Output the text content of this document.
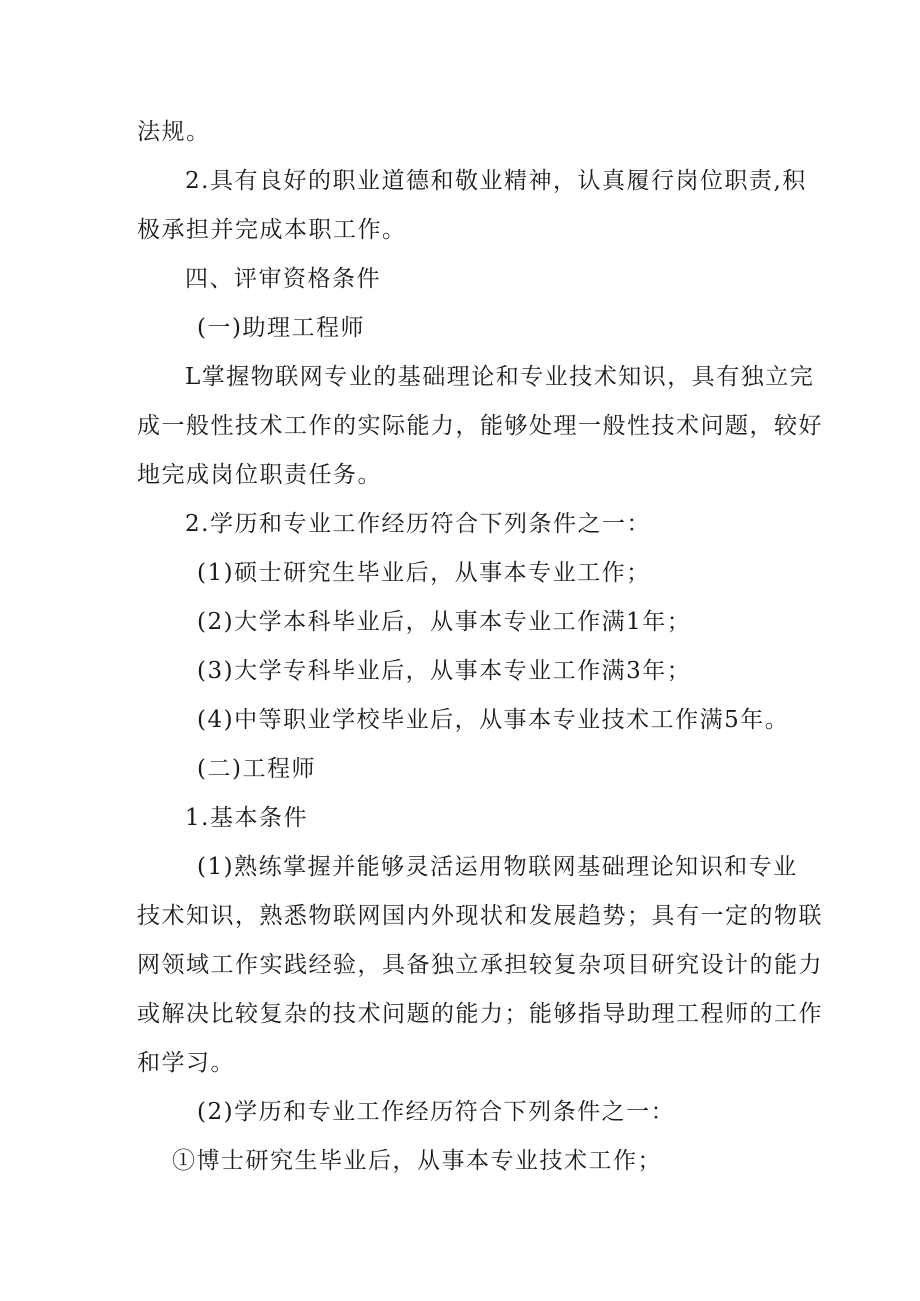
法规。

2.具有良好的职业道德和敬业精神，认真履行岗位职责,积

极承担并完成本职工作。

四、评审资格条件

(一)助理工程师

L掌握物联网专业的基础理论和专业技术知识，具有独立完

成一般性技术工作的实际能力，能够处理一般性技术问题，较好

地完成岗位职责任务。

2.学历和专业工作经历符合下列条件之一：

(1)硕士研究生毕业后，从事本专业工作；

(2)大学本科毕业后，从事本专业工作满1年；

(3)大学专科毕业后，从事本专业工作满3年；

(4)中等职业学校毕业后，从事本专业技术工作满5年。

(二)工程师

1.基本条件

(1)熟练掌握并能够灵活运用物联网基础理论知识和专业

技术知识，熟悉物联网国内外现状和发展趋势；具有一定的物联

网领域工作实践经验，具备独立承担较复杂项目研究设计的能力

或解决比较复杂的技术问题的能力；能够指导助理工程师的工作

和学习。

(2)学历和专业工作经历符合下列条件之一：

①博士研究生毕业后，从事本专业技术工作；
